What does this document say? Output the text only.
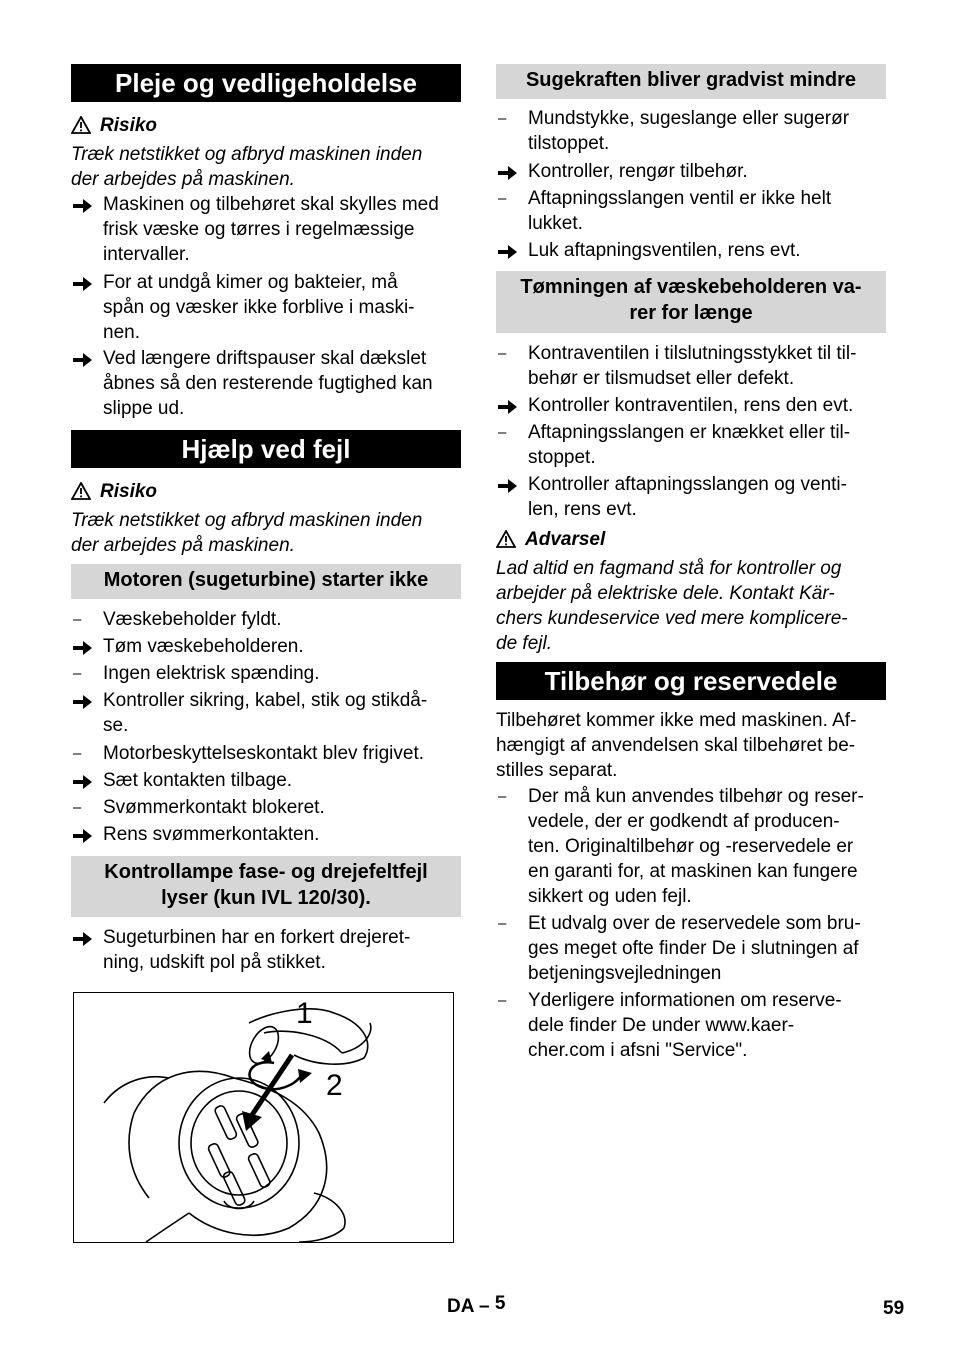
Pleje og vedligeholdelse
Risiko
Træk netstikket og afbryd maskinen inden
der arbejdes på maskinen.
Maskinen og tilbehøret skal skylles med
frisk væske og tørres i regelmæssige
intervaller.
For at undgå kimer og bakteier, må
spån og væsker ikke forblive i maski-
nen.
Ved længere driftspauser skal dækslet
åbnes så den resterende fugtighed kan
slippe ud.
Hjælp ved fejl
Risiko
Træk netstikket og afbryd maskinen inden
der arbejdes på maskinen.
Motoren (sugeturbine) starter ikke
– Væskebeholder fyldt.
Tøm væskebeholderen.
– Ingen elektrisk spænding.
Kontroller sikring, kabel, stik og stikdå-
se.
– Motorbeskyttelseskontakt blev frigivet.
Sæt kontakten tilbage.
– Svømmerkontakt blokeret.
Rens svømmerkontakten.
Kontrollampe fase- og drejefeltfejl
lyser (kun IVL 120/30).
Sugeturbinen har en forkert drejeret-
ning, udskift pol på stikket.
1
2
Sugekraften bliver gradvist mindre
– Mundstykke, sugeslange eller sugerør
tilstoppet.
Kontroller, rengør tilbehør.
– Aftapningsslangen ventil er ikke helt
lukket.
Luk aftapningsventilen, rens evt.
Tømningen af væskebeholderen va-
rer for længe
– Kontraventilen i tilslutningsstykket til til-
behør er tilsmudset eller defekt.
Kontroller kontraventilen, rens den evt.
– Aftapningsslangen er knækket eller til-
stoppet.
Kontroller aftapningsslangen og venti-
len, rens evt.
Advarsel
Lad altid en fagmand stå for kontroller og
arbejder på elektriske dele. Kontakt Kär-
chers kundeservice ved mere komplicere-
de fejl.
Tilbehør og reservedele
Tilbehøret kommer ikke med maskinen. Af-
hængigt af anvendelsen skal tilbehøret be-
stilles separat.
– Der må kun anvendes tilbehør og reser-
vedele, der er godkendt af producen-
ten. Originaltilbehør og -reservedele er
en garanti for, at maskinen kan fungere
sikkert og uden fejl.
– Et udvalg over de reservedele som bru-
ges meget ofte finder De i slutningen af
betjeningsvejledningen
– Yderligere informationen om reserve-
dele finder De under www.kaer-
cher.com i afsni "Service".
DA – 5	59
